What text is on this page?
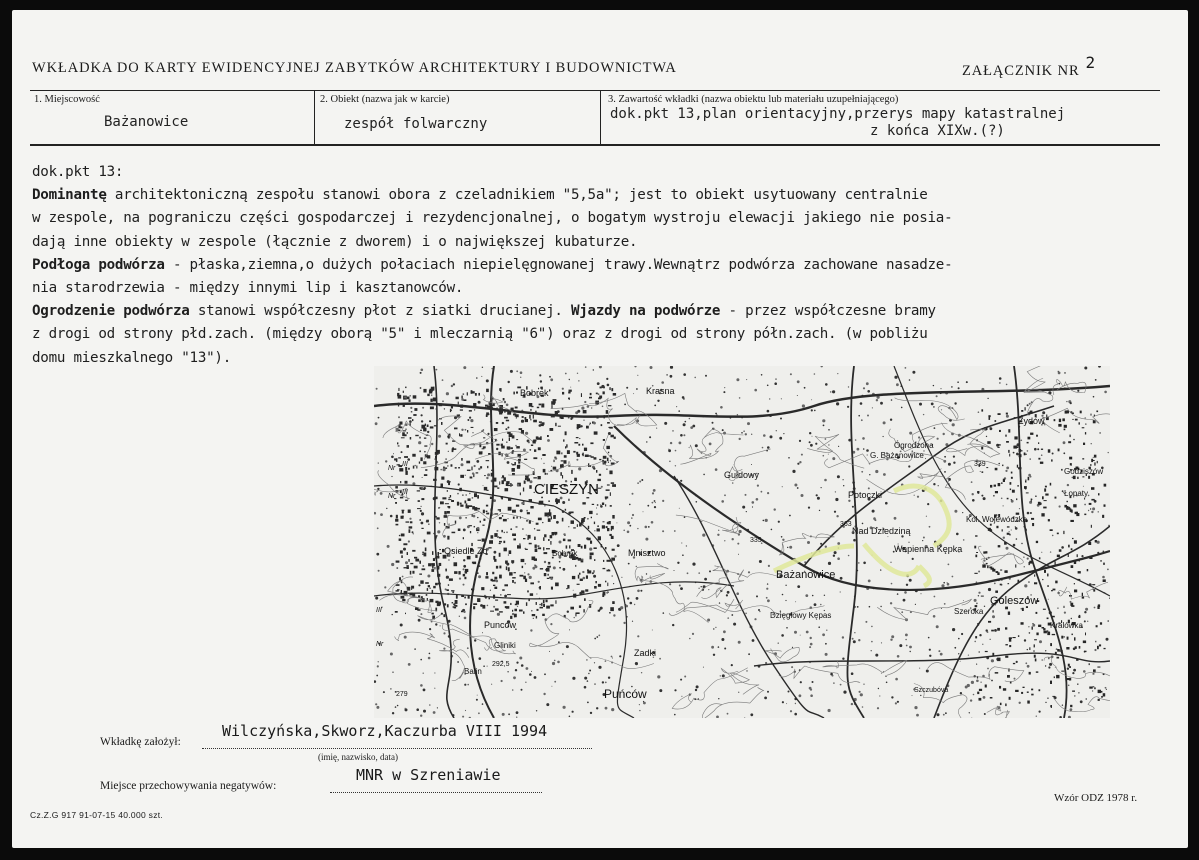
WKŁADKA DO KARTY EWIDENCYJNEJ ZABYTKÓW ARCHITEKTURY I BUDOWNICTWA	ZAŁĄCZNIK NR 2
1. Miejscowość
Bażanowice
2. Obiekt (nazwa jak w karcie)
zespół folwarczny
3. Zawartość wkładki (nazwa obiektu lub materiału uzupełniającego)
dok.pkt 13,plan orientacyjny,przerys mapy katastralnej
z końca XIXw.(?)

dok.pkt 13:

Dominantę architektoniczną zespołu stanowi obora z czeladnikiem "5,5a"; jest to obiekt usytuowany centralnie

w zespole, na pograniczu części gospodarczej i rezydencjonalnej, o bogatym wystroju elewacji jakiego nie posia-

dają inne obiekty w zespole (łącznie z dworem) i o największej kubaturze.

Podłoga podwórza - płaska,ziemna,o dużych połaciach niepielęgnowanej trawy.Wewnątrz podwórza zachowane nasadze-

nia starodrzewia - między innymi lip i kasztanowców.

Ogrodzenie podwórza stanowi współczesny płot z siatki drucianej. Wjazdy na podwórze - przez współczesne bramy

z drogi od strony płd.zach. (między oborą "5" i mleczarnią "6") oraz z drogi od strony półn.zach. (w pobliżu

domu mieszkalnego "13").

Bobrek	Krasna
CIESZYN
Gułdowy
Mnisztwo
Osiedle Zo	Bobrek
Punców
Gliniki
Zadki
Puńców
Balin
Bażanowice
G. Bażanowice
Potoczki
Nad Dziedziną
Wapienna Kępka
Ogrodzona
Żydów
Godziszów
Łopaty
Kol. Wojewódzka
Goleszów
Szeroka
Kralówka
Dzięgłowy Kępas
Szczubóva
339
335
363
292,5
279
Nr
III
Nr
III
III
Nr
Wkładkę założył:
Wilczyńska,Skworz,Kaczurba VIII 1994
(imię, nazwisko, data)
Miejsce przechowywania negatywów:
MNR w Szreniawie
Cz.Z.G 917 91-07-15 40.000 szt.
Wzór ODZ 1978 r.
